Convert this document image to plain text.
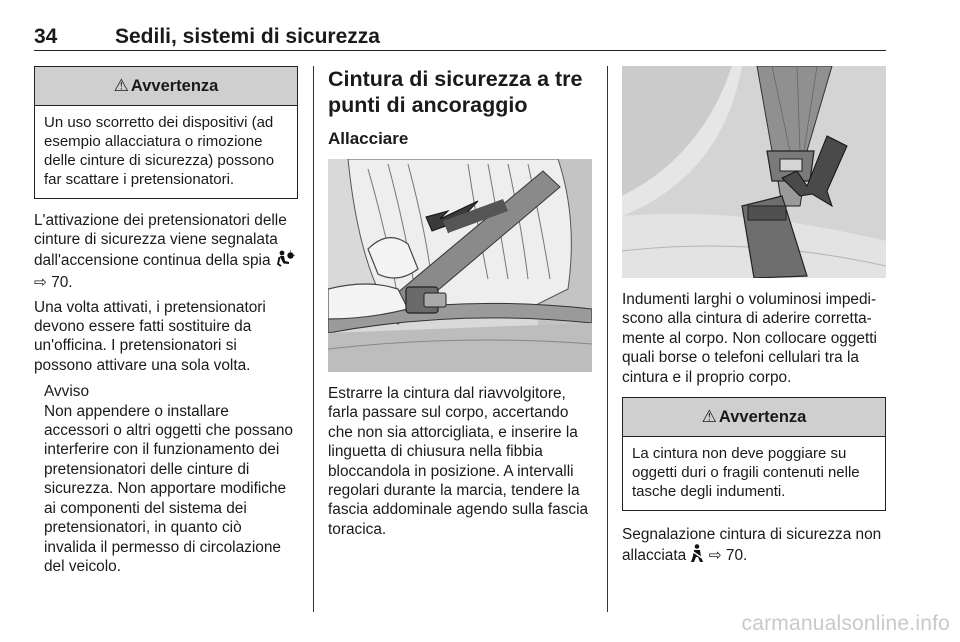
34	Sedili, sistemi di sicurezza
⚠ Avvertenza
Un uso scorretto dei dispositivi (ad esempio allacciatura o rimozione delle cinture di sicurezza) possono far scattare i pretensionatori.

L'attivazione dei pretensionatori delle cinture di sicurezza viene segnalata dall'accensione continua della spia  ⇨ 70.

Una volta attivati, i pretensionatori devono essere fatti sostituire da un'officina. I pretensionatori si possono attivare una sola volta.

Avviso

Non appendere o installare accessori o altri oggetti che possano interferire con il funzionamento dei pretensionatori delle cinture di sicurezza. Non apportare modifiche ai componenti del sistema dei pretensionatori, in quanto ciò invalida il permesso di circolazione del veicolo.

Cintura di sicurezza a tre punti di ancoraggio
Allacciare

Estrarre la cintura dal riavvolgitore, farla passare sul corpo, accertando che non sia attorcigliata, e inserire la linguetta di chiusura nella fibbia bloccandola in posizione. A intervalli regolari durante la marcia, tendere la fascia addominale agendo sulla fascia toracica.

Indumenti larghi o voluminosi impediscono alla cintura di aderire correttamente al corpo. Non collocare oggetti quali borse o telefoni cellulari tra la cintura e il proprio corpo.

⚠ Avvertenza
La cintura non deve poggiare su oggetti duri o fragili contenuti nelle tasche degli indumenti.

Segnalazione cintura di sicurezza non allacciata ⇨ 70.

carmanualsonline.info
